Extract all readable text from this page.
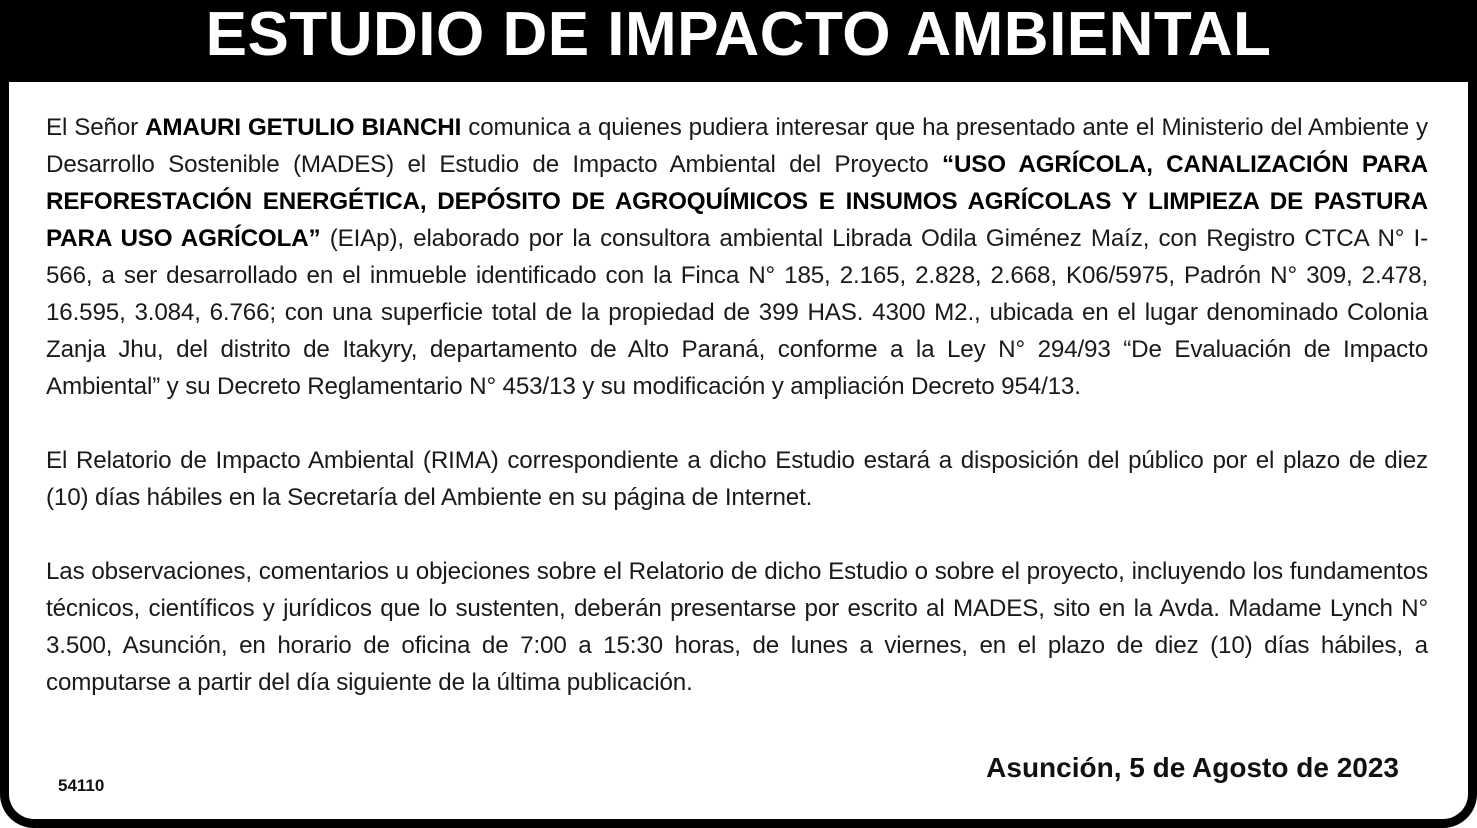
ESTUDIO DE IMPACTO AMBIENTAL

El Señor AMAURI GETULIO BIANCHI comunica a quienes pudiera interesar que ha presentado ante el Ministerio del Ambiente y Desarrollo Sostenible (MADES) el Estudio de Impacto Ambiental del Proyecto “USO AGRÍCOLA, CANALIZACIÓN PARA REFORESTACIÓN ENERGÉTICA, DEPÓSITO DE AGROQUÍMICOS E INSUMOS AGRÍCOLAS Y LIMPIEZA DE PASTURA PARA USO AGRÍCOLA” (EIAp), elaborado por la consultora ambiental Librada Odila Giménez Maíz, con Registro CTCA N° I-566, a ser desarrollado en el inmueble identificado con la Finca N° 185, 2.165, 2.828, 2.668, K06/5975, Padrón N° 309, 2.478, 16.595, 3.084, 6.766; con una superficie total de la propiedad de 399 HAS. 4300 M2., ubicada en el lugar denominado Colonia Zanja Jhu, del distrito de Itakyry, departamento de Alto Paraná, conforme a la Ley N° 294/93 “De Evaluación de Impacto Ambiental” y su Decreto Reglamentario N° 453/13 y su modificación y ampliación Decreto 954/13.

El Relatorio de Impacto Ambiental (RIMA) correspondiente a dicho Estudio estará a disposición del público por el plazo de diez (10) días hábiles en la Secretaría del Ambiente en su página de Internet.

Las observaciones, comentarios u objeciones sobre el Relatorio de dicho Estudio o sobre el proyecto, incluyendo los fundamentos técnicos, científicos y jurídicos que lo sustenten, deberán presentarse por escrito al MADES, sito en la Avda. Madame Lynch N° 3.500, Asunción, en horario de oficina de 7:00 a 15:30 horas, de lunes a viernes, en el plazo de diez (10) días hábiles, a computarse a partir del día siguiente de la última publicación.

54110
Asunción, 5 de Agosto de 2023
